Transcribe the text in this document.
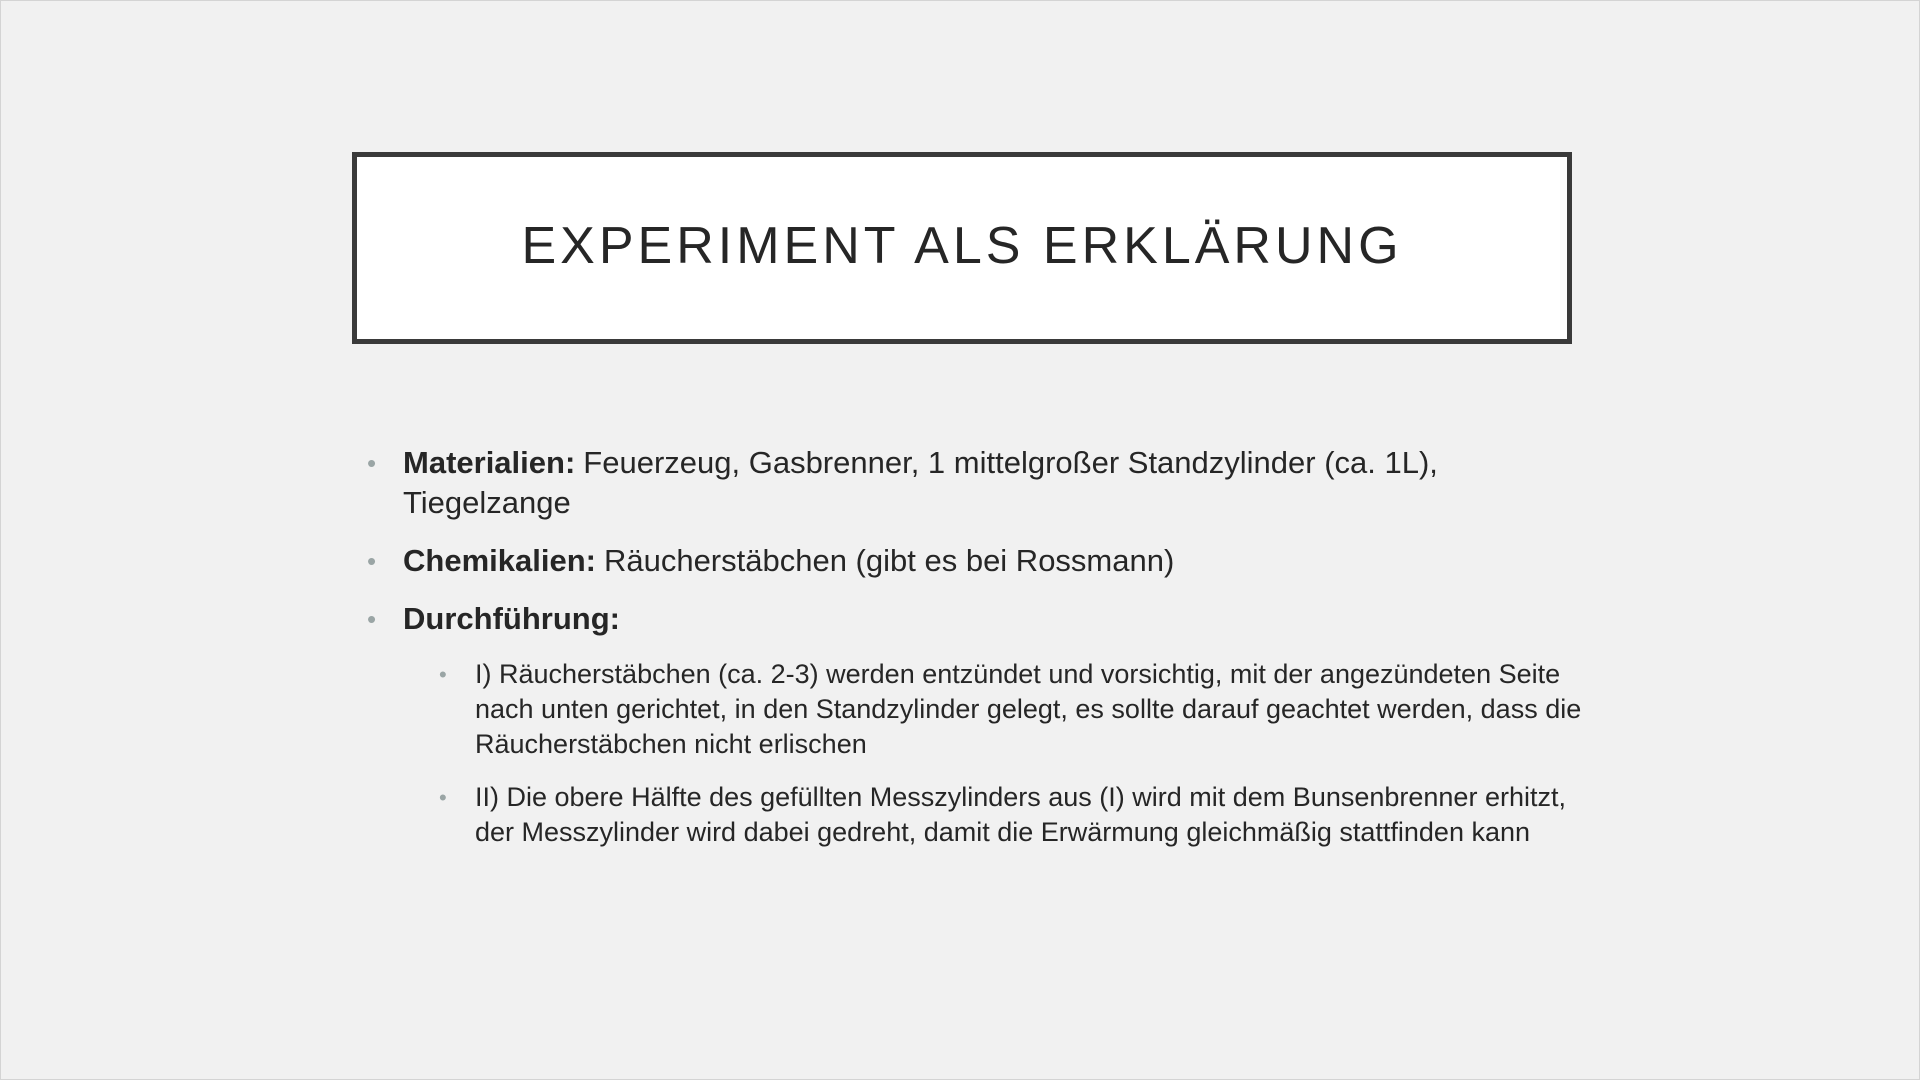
EXPERIMENT ALS ERKLÄRUNG
• Materialien: Feuerzeug, Gasbrenner, 1 mittelgroßer Standzylinder (ca. 1L), Tiegelzange
• Chemikalien: Räucherstäbchen (gibt es bei Rossmann)
• Durchführung:
• I) Räucherstäbchen (ca. 2-3) werden entzündet und vorsichtig, mit der angezündeten Seite nach unten gerichtet, in den Standzylinder gelegt, es sollte darauf geachtet werden, dass die Räucherstäbchen nicht erlischen
• II) Die obere Hälfte des gefüllten Messzylinders aus (I) wird mit dem Bunsenbrenner erhitzt, der Messzylinder wird dabei gedreht, damit die Erwärmung gleichmäßig stattfinden kann
